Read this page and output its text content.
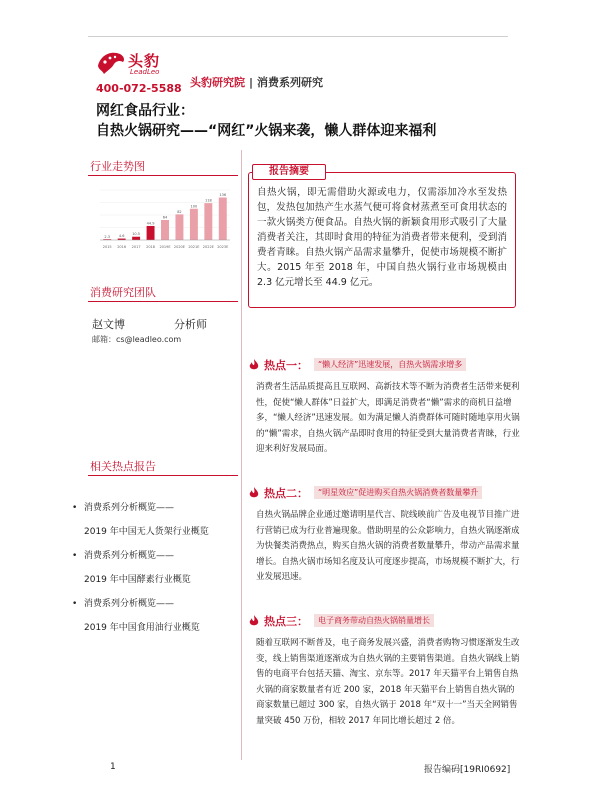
头豹
LeadLeo
400-072-5588 头豹研究院 | 消费系列研究
网红食品行业：
自热火锅研究——“网红”火锅来袭，懒人群体迎来福利
行业走势图
2.3
2015
4.6
2016
10.5
2017
44.9
2018
64
2019E
82
2020E
100
2021E
118
2022E
136
2023E
消费研究团队
赵文博	分析师
邮箱：cs@leadleo.com
相关热点报告
• 消费系列分析概览——
2019 年中国无人货架行业概览
• 消费系列分析概览——
2019 年中国酵素行业概览
• 消费系列分析概览——
2019 年中国食用油行业概览
自热火锅，即无需借助火源或电力，仅需添加冷水至发热包，发热包加热产生水蒸气便可将食材蒸煮至可食用状态的一款火锅类方便食品。自热火锅的新颖食用形式吸引了大量消费者关注，其即时食用的特征为消费者带来便利，受到消费者青睐。自热火锅产品需求量攀升，促使市场规模不断扩大。2015 年至 2018 年，中国自热火锅行业市场规模由 2.3 亿元增长至 44.9 亿元。
报告摘要
热点一：	“懒人经济”迅速发展，自热火锅需求增多
消费者生活品质提高且互联网、高新技术等不断为消费者生活带来便利性，促使“懒人群体”日益扩大，即满足消费者“懒”需求的商机日益增多，“懒人经济”迅速发展。如为满足懒人消费群体可随时随地享用火锅的“懒”需求，自热火锅产品即时食用的特征受到大量消费者青睐，行业迎来利好发展局面。
热点二：	“明星效应”促进购买自热火锅消费者数量攀升
自热火锅品牌企业通过邀请明星代言、院线映前广告及电视节目推广进行营销已成为行业普遍现象。借助明星的公众影响力，自热火锅逐渐成为快餐类消费热点，购买自热火锅的消费者数量攀升，带动产品需求量增长。自热火锅市场知名度及认可度逐步提高，市场规模不断扩大，行业发展迅速。
热点三：	电子商务带动自热火锅销量增长
随着互联网不断普及，电子商务发展兴盛，消费者购物习惯逐渐发生改变，线上销售渠道逐渐成为自热火锅的主要销售渠道。自热火锅线上销售的电商平台包括天猫、淘宝、京东等。2017 年天猫平台上销售自热火锅的商家数量者有近 200 家，2018 年天猫平台上销售自热火锅的商家数量已超过 300 家，自热火锅于 2018 年“双十一”当天全网销售量突破 450 万份，相较 2017 年同比增长超过 2 倍。
1	报告编码[19RI0692]
